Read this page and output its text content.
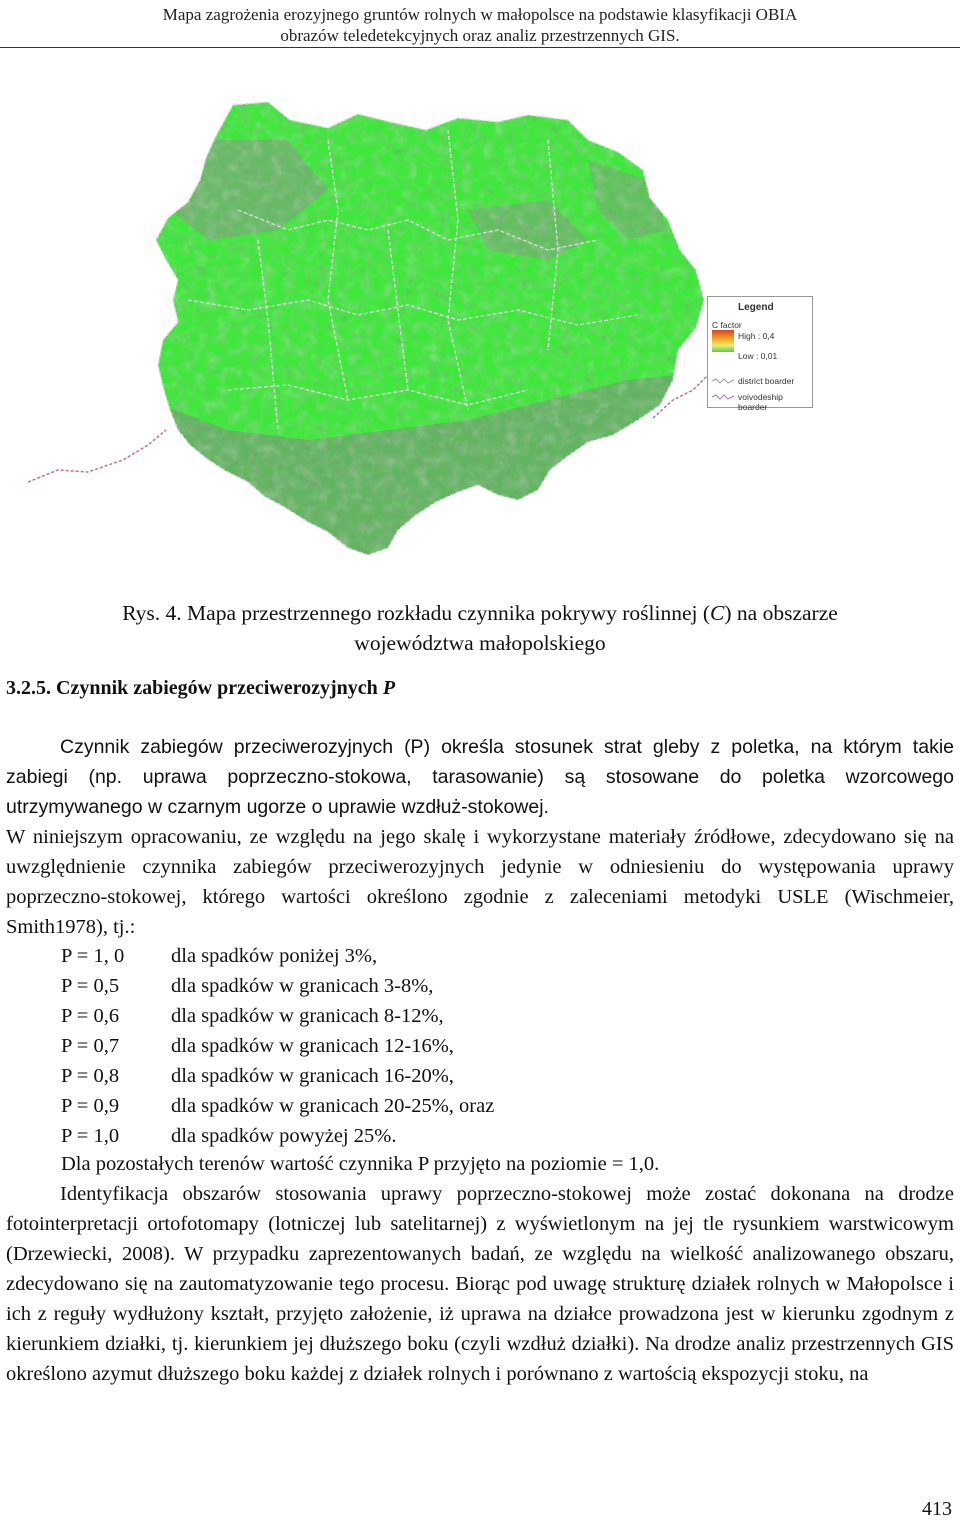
Mapa zagrożenia erozyjnego gruntów rolnych w małopolsce na podstawie klasyfikacji OBIA
obrazów teledetekcyjnych oraz analiz przestrzennych GIS.
Legend
C factor
High : 0,4
Low : 0,01
district boarder
voivodeship boarder
Rys. 4. Mapa przestrzennego rozkładu czynnika pokrywy roślinnej (C) na obszarze
województwa małopolskiego
3.2.5. Czynnik zabiegów przeciwerozyjnych P
Czynnik zabiegów przeciwerozyjnych (P) określa stosunek strat gleby z poletka, na którym takie zabiegi (np. uprawa poprzeczno-stokowa, tarasowanie) są stosowane do poletka wzorcowego utrzymywanego w czarnym ugorze o uprawie wzdłuż-stokowej.
W niniejszym opracowaniu, ze względu na jego skalę i wykorzystane materiały źródłowe, zdecydowano się na uwzględnienie czynnika zabiegów przeciwerozyjnych jedynie w odniesieniu do występowania uprawy poprzeczno-stokowej, którego wartości określono zgodnie z zaleceniami metodyki USLE (Wischmeier, Smith1978), tj.:
P = 1, 0	dla spadków poniżej 3%,
P = 0,5	dla spadków w granicach 3-8%,
P = 0,6	dla spadków w granicach 8-12%,
P = 0,7	dla spadków w granicach 12-16%,
P = 0,8	dla spadków w granicach 16-20%,
P = 0,9	dla spadków w granicach 20-25%, oraz
P = 1,0	dla spadków powyżej 25%.
Dla pozostałych terenów wartość czynnika P przyjęto na poziomie = 1,0.
Identyfikacja obszarów stosowania uprawy poprzeczno-stokowej może zostać dokonana na drodze fotointerpretacji ortofotomapy (lotniczej lub satelitarnej) z wyświetlonym na jej tle rysunkiem warstwicowym (Drzewiecki, 2008). W przypadku zaprezentowanych badań, ze względu na wielkość analizowanego obszaru, zdecydowano się na zautomatyzowanie tego procesu. Biorąc pod uwagę strukturę działek rolnych w Małopolsce i ich z reguły wydłużony kształt, przyjęto założenie, iż uprawa na działce prowadzona jest w kierunku zgodnym z kierunkiem działki, tj. kierunkiem jej dłuższego boku (czyli wzdłuż działki). Na drodze analiz przestrzennych GIS określono azymut dłuższego boku każdej z działek rolnych i porównano z wartością ekspozycji stoku, na
413
